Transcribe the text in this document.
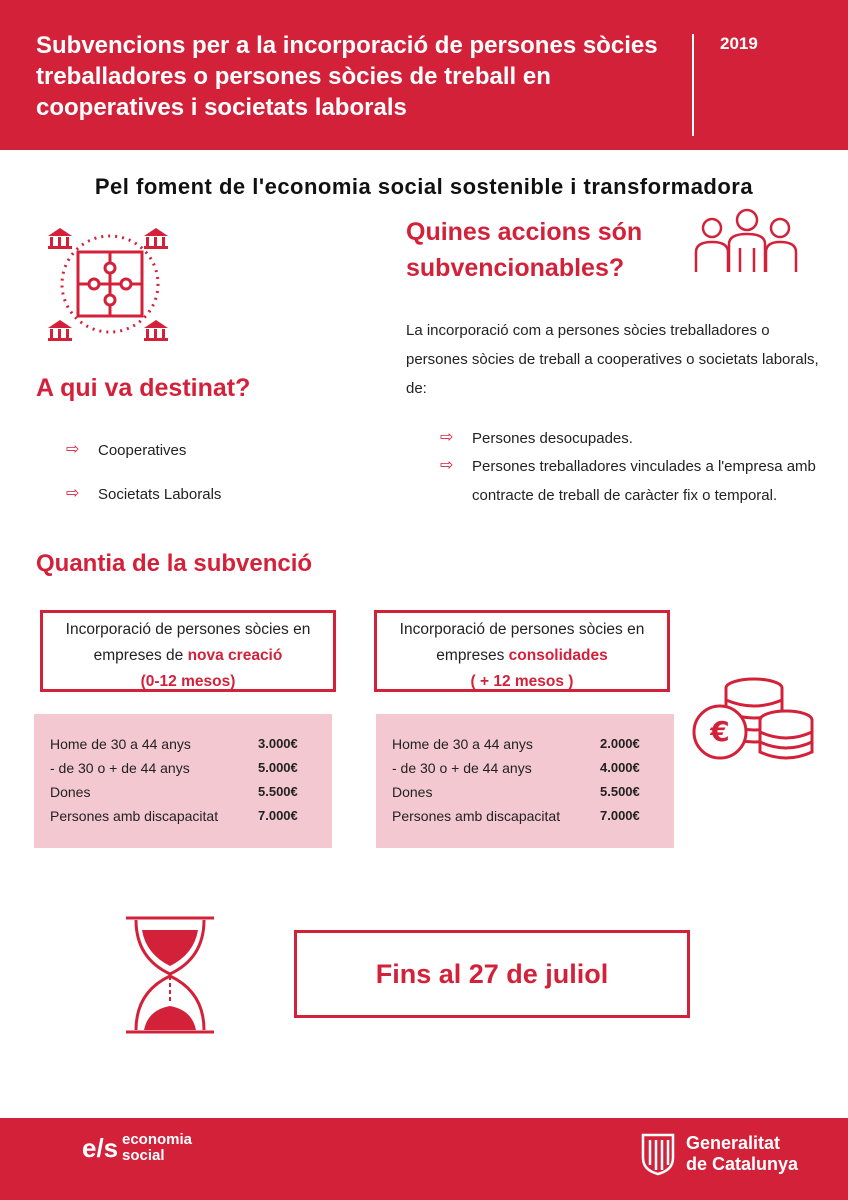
Subvencions per a la incorporació de persones sòcies treballadores o persones sòcies de treball en cooperatives i societats laborals
2019
Pel foment de l'economia social sostenible i transformadora
Quines accions són subvencionables?
La incorporació com a persones sòcies treballadores o persones sòcies de treball a cooperatives o societats laborals, de:
⇨	Persones desocupades.
⇨	Persones treballadores vinculades a l'empresa amb contracte de treball de caràcter fix o temporal.
A qui va destinat?
⇨	Cooperatives
⇨	Societats Laborals
Quantia de la subvenció
Incorporació de persones sòcies en
empreses de nova creació
(0-12 mesos)
Incorporació de persones sòcies en
empreses consolidades
( + 12 mesos )
Home de 30 a 44 anys	3.000€
- de 30 o + de 44 anys	5.000€
Dones	5.500€
Persones amb discapacitat	7.000€
Home de 30 a 44 anys	2.000€
- de 30 o + de 44 anys	4.000€
Dones	5.500€
Persones amb discapacitat	7.000€
€
Fins al 27 de juliol
e/s economia
social
Generalitat
de Catalunya
